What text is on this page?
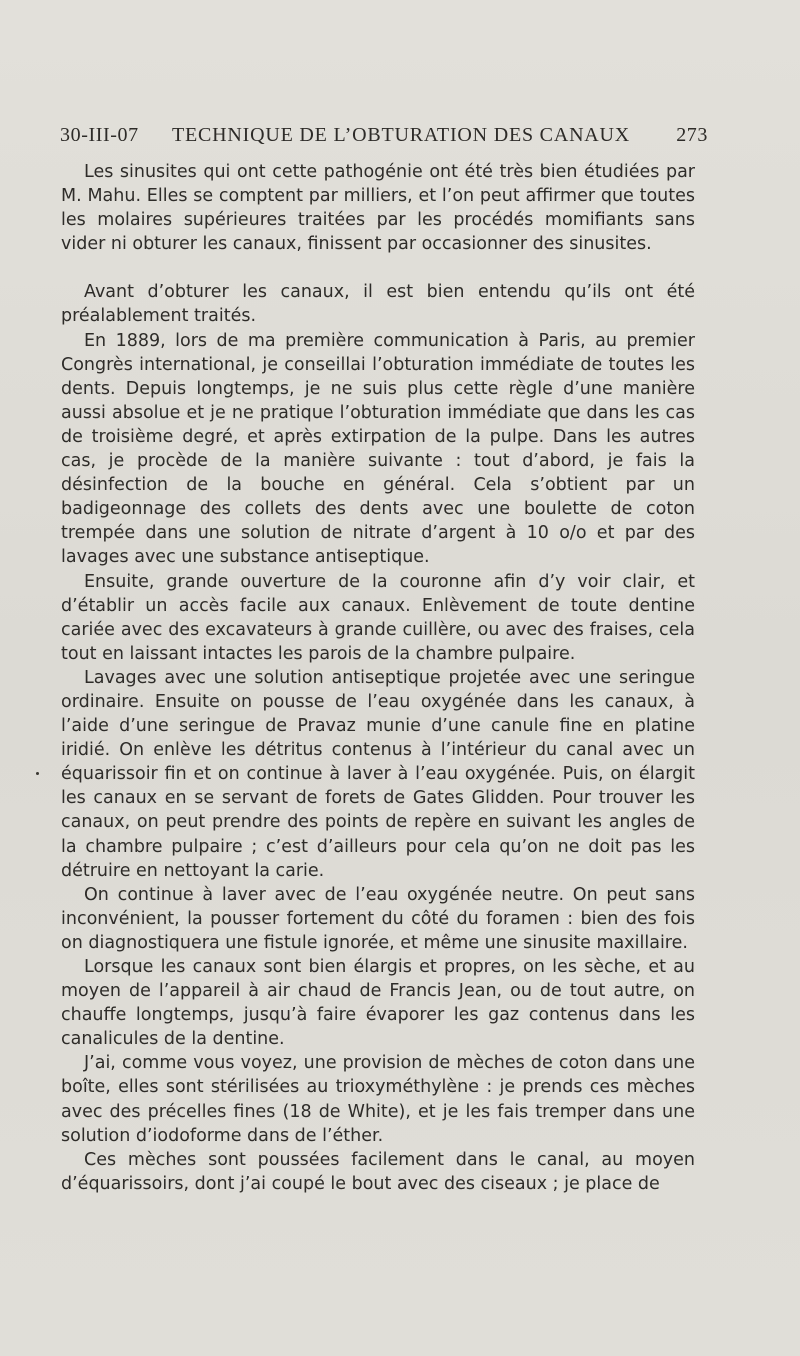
30-III-07 TECHNIQUE DE L’OBTURATION DES CANAUX 273

Les sinusites qui ont cette pathogénie ont été très bien étudiées par M. Mahu. Elles se comptent par milliers, et l’on peut affirmer que toutes les molaires supérieures traitées par les procédés momifiants sans vider ni obturer les canaux, finissent par occasionner des sinusites.

Avant d’obturer les canaux, il est bien entendu qu’ils ont été préalablement traités.

En 1889, lors de ma première communication à Paris, au premier Congrès international, je conseillai l’obturation immédiate de toutes les dents. Depuis longtemps, je ne suis plus cette règle d’une manière aussi absolue et je ne pratique l’obturation immédiate que dans les cas de troisième degré, et après extirpation de la pulpe. Dans les autres cas, je procède de la manière suivante : tout d’abord, je fais la désinfection de la bouche en général. Cela s’obtient par un badigeonnage des collets des dents avec une boulette de coton trempée dans une solution de nitrate d’argent à 10 o/o et par des lavages avec une substance antiseptique.

Ensuite, grande ouverture de la couronne afin d’y voir clair, et d’établir un accès facile aux canaux. Enlèvement de toute dentine cariée avec des excavateurs à grande cuillère, ou avec des fraises, cela tout en laissant intactes les parois de la chambre pulpaire.

Lavages avec une solution antiseptique projetée avec une seringue ordinaire. Ensuite on pousse de l’eau oxygénée dans les canaux, à l’aide d’une seringue de Pravaz munie d’une canule fine en platine iridié. On enlève les détritus contenus à l’intérieur du canal avec un équarissoir fin et on continue à laver à l’eau oxygénée. Puis, on élargit les canaux en se servant de forets de Gates Glidden. Pour trouver les canaux, on peut prendre des points de repère en suivant les angles de la chambre pulpaire ; c’est d’ailleurs pour cela qu’on ne doit pas les détruire en nettoyant la carie.

On continue à laver avec de l’eau oxygénée neutre. On peut sans inconvénient, la pousser fortement du côté du foramen : bien des fois on diagnostiquera une fistule ignorée, et même une sinusite maxillaire.

Lorsque les canaux sont bien élargis et propres, on les sèche, et au moyen de l’appareil à air chaud de Francis Jean, ou de tout autre, on chauffe longtemps, jusqu’à faire évaporer les gaz contenus dans les canalicules de la dentine.

J’ai, comme vous voyez, une provision de mèches de coton dans une boîte, elles sont stérilisées au trioxyméthylène : je prends ces mèches avec des précelles fines (18 de White), et je les fais tremper dans une solution d’iodoforme dans de l’éther.

Ces mèches sont poussées facilement dans le canal, au moyen d’équarissoirs, dont j’ai coupé le bout avec des ciseaux ; je place de
